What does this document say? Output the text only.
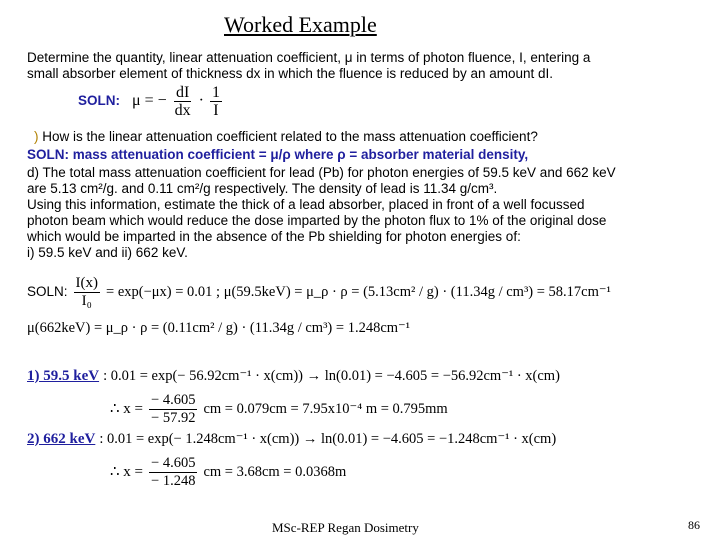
Worked Example
Determine the quantity, linear attenuation coefficient, μ in terms of photon fluence, I, entering a
small absorber element of thickness dx in which the fluence is reduced by an amount dI.
SOLN: μ = − $\frac{dI}{dx} \cdot \frac{1}{I}$
) How is the linear attenuation coefficient related to the mass attenuation coefficient?
SOLN: mass attenuation coefficient = μ/ρ where ρ = absorber material density,
d) The total mass attenuation coefficient for lead (Pb) for photon energies of 59.5 keV and 662 keV
are 5.13 cm²/g. and 0.11 cm²/g respectively. The density of lead is 11.34 g/cm³.
Using this information, estimate the thick of a lead absorber, placed in front of a well focussed
photon beam which would reduce the dose imparted by the photon flux to 1% of the original dose
which would be imparted in the absence of the Pb shielding for photon energies of:
i) 59.5 keV and ii) 662 keV.
SOLN: $\frac{I(x)}{\text{I₀}} = \exp(-\mu x) = 0.01$ ; μ(59.5keV) = μ_ρ · ρ = (5.13cm² / g) · (11.34g / cm³) = 58.17cm⁻¹
μ(662keV) = μ_ρ · ρ = (0.11cm² / g) · (11.34g / cm³) = 1.248cm⁻¹
1) 59.5 keV : 0.01 = exp(− 56.92cm⁻¹ · x(cm)) → ln(0.01) = −4.605 = −56.92cm⁻¹ · x(cm)
∴ $x = \frac{- 4.605}{- 57.92}$ cm = 0.079cm = 7.95x10⁻⁴ m = 0.795mm
2) 662 keV : 0.01 = exp(− 1.248cm⁻¹ · x(cm)) → ln(0.01) = −4.605 = −1.248cm⁻¹ · x(cm)
∴ $x = \frac{- 4.605}{- 1.248}$ cm = 3.68cm = 0.0368m
MSc-REP Regan Dosimetry	86
